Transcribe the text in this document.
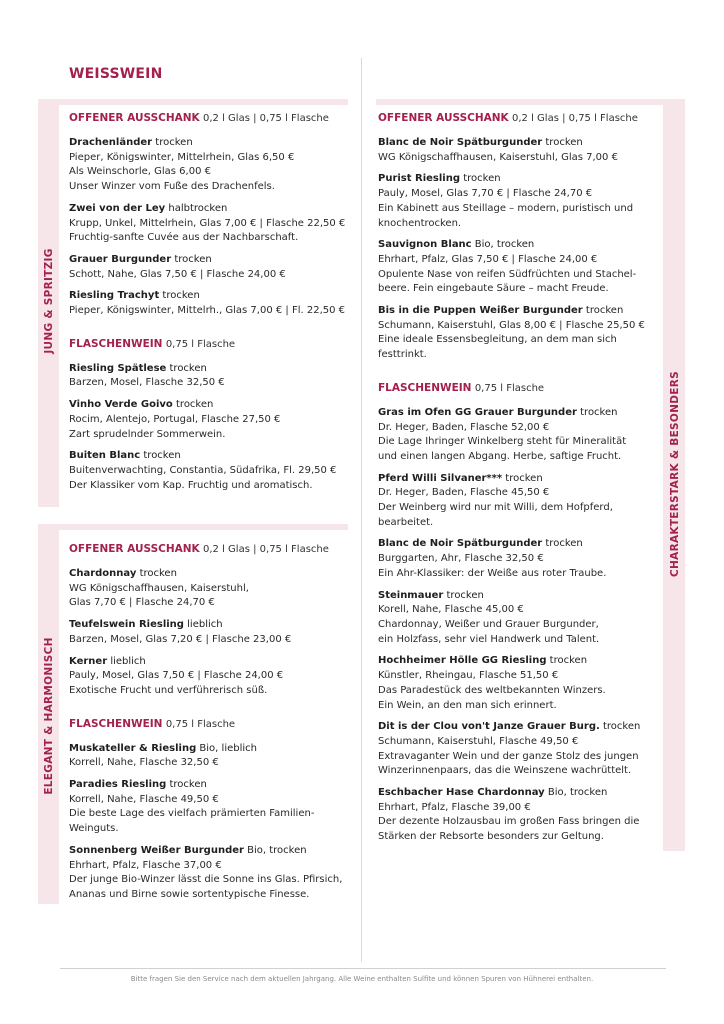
WEISSWEIN
JUNG & SPRITZIG
ELEGANT & HARMONISCH
CHARAKTERSTARK & BESONDERS
OFFENER AUSSCHANK 0,2 l Glas | 0,75 l Flasche
Drachenländer trocken
Pieper, Königswinter, Mittelrhein, Glas 6,50 €
Als Weinschorle, Glas 6,00 €
Unser Winzer vom Fuße des Drachenfels.
Zwei von der Ley halbtrocken
Krupp, Unkel, Mittelrhein, Glas 7,00 € | Flasche 22,50 €
Fruchtig-sanfte Cuvée aus der Nachbarschaft.
Grauer Burgunder trocken
Schott, Nahe, Glas 7,50 € | Flasche 24,00 €
Riesling Trachyt trocken
Pieper, Königswinter, Mittelrh., Glas 7,00 € | Fl. 22,50 €
FLASCHENWEIN 0,75 l Flasche
Riesling Spätlese trocken
Barzen, Mosel, Flasche 32,50 €
Vinho Verde Goivo trocken
Rocim, Alentejo, Portugal, Flasche 27,50 €
Zart sprudelnder Sommerwein.
Buiten Blanc trocken
Buitenverwachting, Constantia, Südafrika, Fl. 29,50 €
Der Klassiker vom Kap. Fruchtig und aromatisch.
OFFENER AUSSCHANK 0,2 l Glas | 0,75 l Flasche
Chardonnay trocken
WG Königschaffhausen, Kaiserstuhl,
Glas 7,70 € | Flasche 24,70 €
Teufelswein Riesling lieblich
Barzen, Mosel, Glas 7,20 € | Flasche 23,00 €
Kerner lieblich
Pauly, Mosel, Glas 7,50 € | Flasche 24,00 €
Exotische Frucht und verführerisch süß.
FLASCHENWEIN 0,75 l Flasche
Muskateller & Riesling Bio, lieblich
Korrell, Nahe, Flasche 32,50 €
Paradies Riesling trocken
Korrell, Nahe, Flasche 49,50 €
Die beste Lage des vielfach prämierten Familien-Weinguts.
Sonnenberg Weißer Burgunder Bio, trocken
Ehrhart, Pfalz, Flasche 37,00 €
Der junge Bio-Winzer lässt die Sonne ins Glas. Pfirsich,
Ananas und Birne sowie sortentypische Finesse.
OFFENER AUSSCHANK 0,2 l Glas | 0,75 l Flasche
Blanc de Noir Spätburgunder trocken
WG Königschaffhausen, Kaiserstuhl, Glas 7,00 €
Purist Riesling trocken
Pauly, Mosel, Glas 7,70 € | Flasche 24,70 €
Ein Kabinett aus Steillage – modern, puristisch und
knochentrocken.
Sauvignon Blanc Bio, trocken
Ehrhart, Pfalz, Glas 7,50 € | Flasche 24,00 €
Opulente Nase von reifen Südfrüchten und Stachel-
beere. Fein eingebaute Säure – macht Freude.
Bis in die Puppen Weißer Burgunder trocken
Schumann, Kaiserstuhl, Glas 8,00 € | Flasche 25,50 €
Eine ideale Essensbegleitung, an dem man sich
festtrinkt.
FLASCHENWEIN 0,75 l Flasche
Gras im Ofen GG Grauer Burgunder trocken
Dr. Heger, Baden, Flasche 52,00 €
Die Lage Ihringer Winkelberg steht für Mineralität
und einen langen Abgang. Herbe, saftige Frucht.
Pferd Willi Silvaner*** trocken
Dr. Heger, Baden, Flasche 45,50 €
Der Weinberg wird nur mit Willi, dem Hofpferd,
bearbeitet.
Blanc de Noir Spätburgunder trocken
Burggarten, Ahr, Flasche 32,50 €
Ein Ahr-Klassiker: der Weiße aus roter Traube.
Steinmauer trocken
Korell, Nahe, Flasche 45,00 €
Chardonnay, Weißer und Grauer Burgunder,
ein Holzfass, sehr viel Handwerk und Talent.
Hochheimer Hölle GG Riesling trocken
Künstler, Rheingau, Flasche 51,50 €
Das Paradestück des weltbekannten Winzers.
Ein Wein, an den man sich erinnert.
Dit is der Clou von't Janze Grauer Burg. trocken
Schumann, Kaiserstuhl, Flasche 49,50 €
Extravaganter Wein und der ganze Stolz des jungen
Winzerinnenpaars, das die Weinszene wachrüttelt.
Eschbacher Hase Chardonnay Bio, trocken
Ehrhart, Pfalz, Flasche 39,00 €
Der dezente Holzausbau im großen Fass bringen die
Stärken der Rebsorte besonders zur Geltung.
Bitte fragen Sie den Service nach dem aktuellen Jahrgang. Alle Weine enthalten Sulfite und können Spuren von Hühnerei enthalten.
